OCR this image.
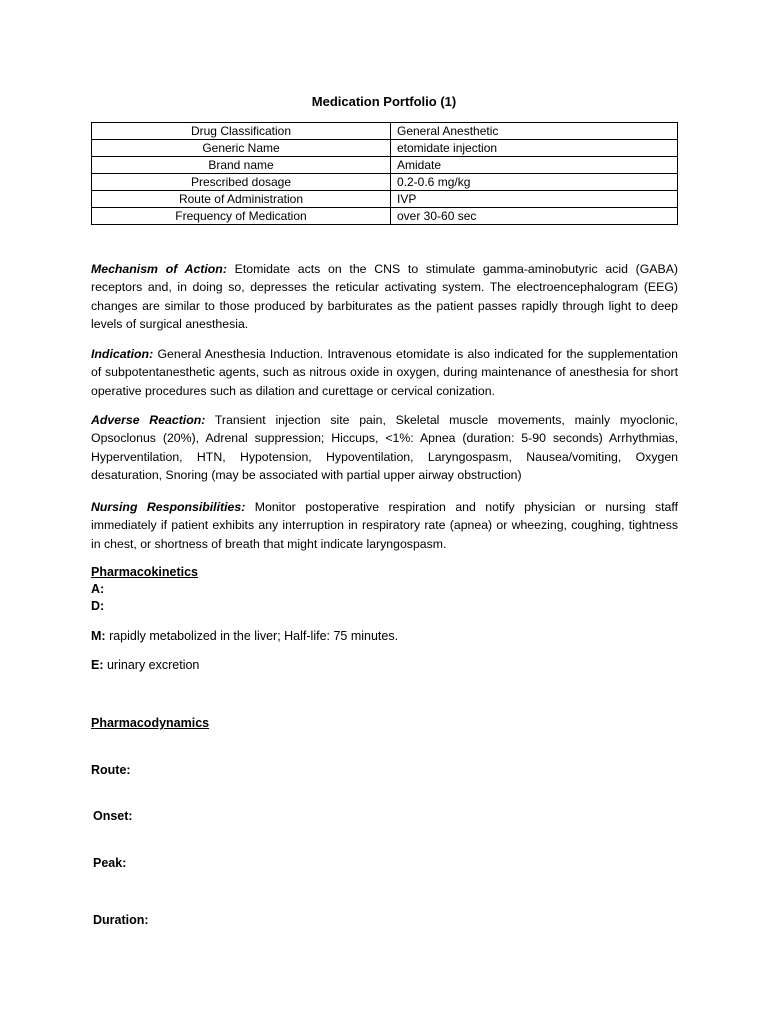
Medication Portfolio (1)
Drug Classification	General Anesthetic
Generic Name	etomidate injection
Brand name	Amidate
Prescribed dosage	0.2-0.6 mg/kg
Route of Administration	IVP
Frequency of Medication	over 30-60 sec

Mechanism of Action: Etomidate acts on the CNS to stimulate gamma-aminobutyric acid (GABA) receptors and, in doing so, depresses the reticular activating system. The electroencephalogram (EEG) changes are similar to those produced by barbiturates as the patient passes rapidly through light to deep levels of surgical anesthesia.

Indication: General Anesthesia Induction. Intravenous etomidate is also indicated for the supplementation of subpotentanesthetic agents, such as nitrous oxide in oxygen, during maintenance of anesthesia for short operative procedures such as dilation and curettage or cervical conization.

Adverse Reaction: Transient injection site pain, Skeletal muscle movements, mainly myoclonic, Opsoclonus (20%), Adrenal suppression; Hiccups, <1%: Apnea (duration: 5-90 seconds) Arrhythmias, Hyperventilation, HTN, Hypotension, Hypoventilation, Laryngospasm, Nausea/vomiting, Oxygen desaturation, Snoring (may be associated with partial upper airway obstruction)

Nursing Responsibilities: Monitor postoperative respiration and notify physician or nursing staff immediately if patient exhibits any interruption in respiratory rate (apnea) or wheezing, coughing, tightness in chest, or shortness of breath that might indicate laryngospasm.

Pharmacokinetics
A:
D:
M: rapidly metabolized in the liver; Half-life: 75 minutes.
E: urinary excretion
Pharmacodynamics
Route:
Onset:
Peak:
Duration:
